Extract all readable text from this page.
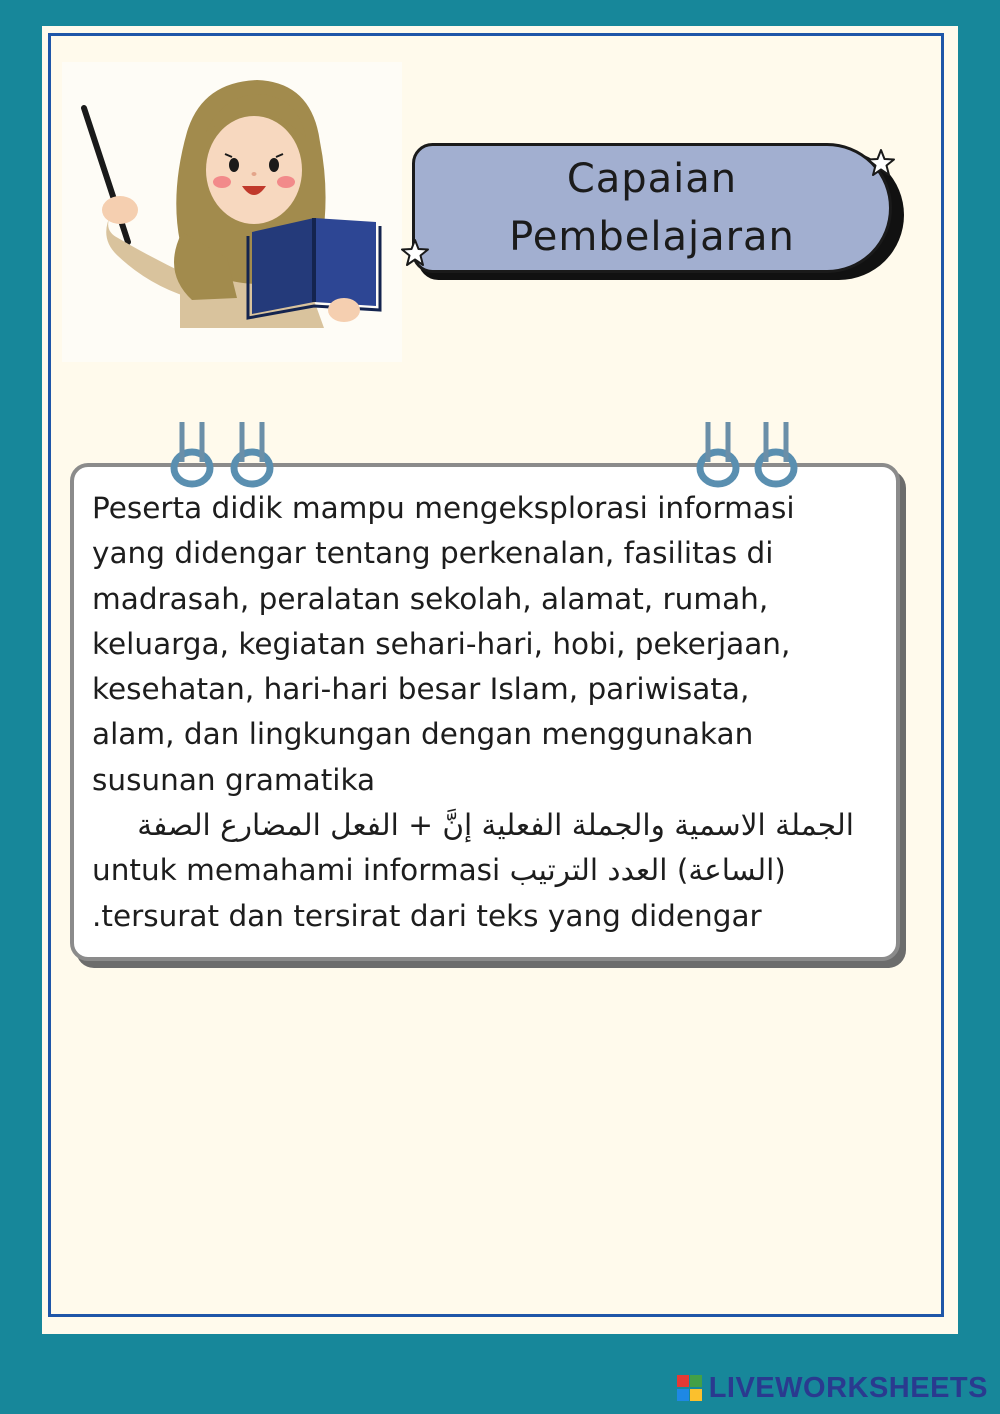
Capaian
Pembelajaran
Peserta didik mampu mengeksplorasi informasi
yang didengar tentang perkenalan, fasilitas di
madrasah, peralatan sekolah, alamat, rumah,
keluarga, kegiatan sehari-hari, hobi, pekerjaan,
kesehatan, hari-hari besar Islam, pariwisata,
alam, dan lingkungan dengan menggunakan
susunan gramatika
الجملة الاسمية والجملة الفعلية إنَّ + الفعل المضارع الصفة
untuk memahami informasi (الساعة) العدد الترتيب
.tersurat dan tersirat dari teks yang didengar
LIVEWORKSHEETS
